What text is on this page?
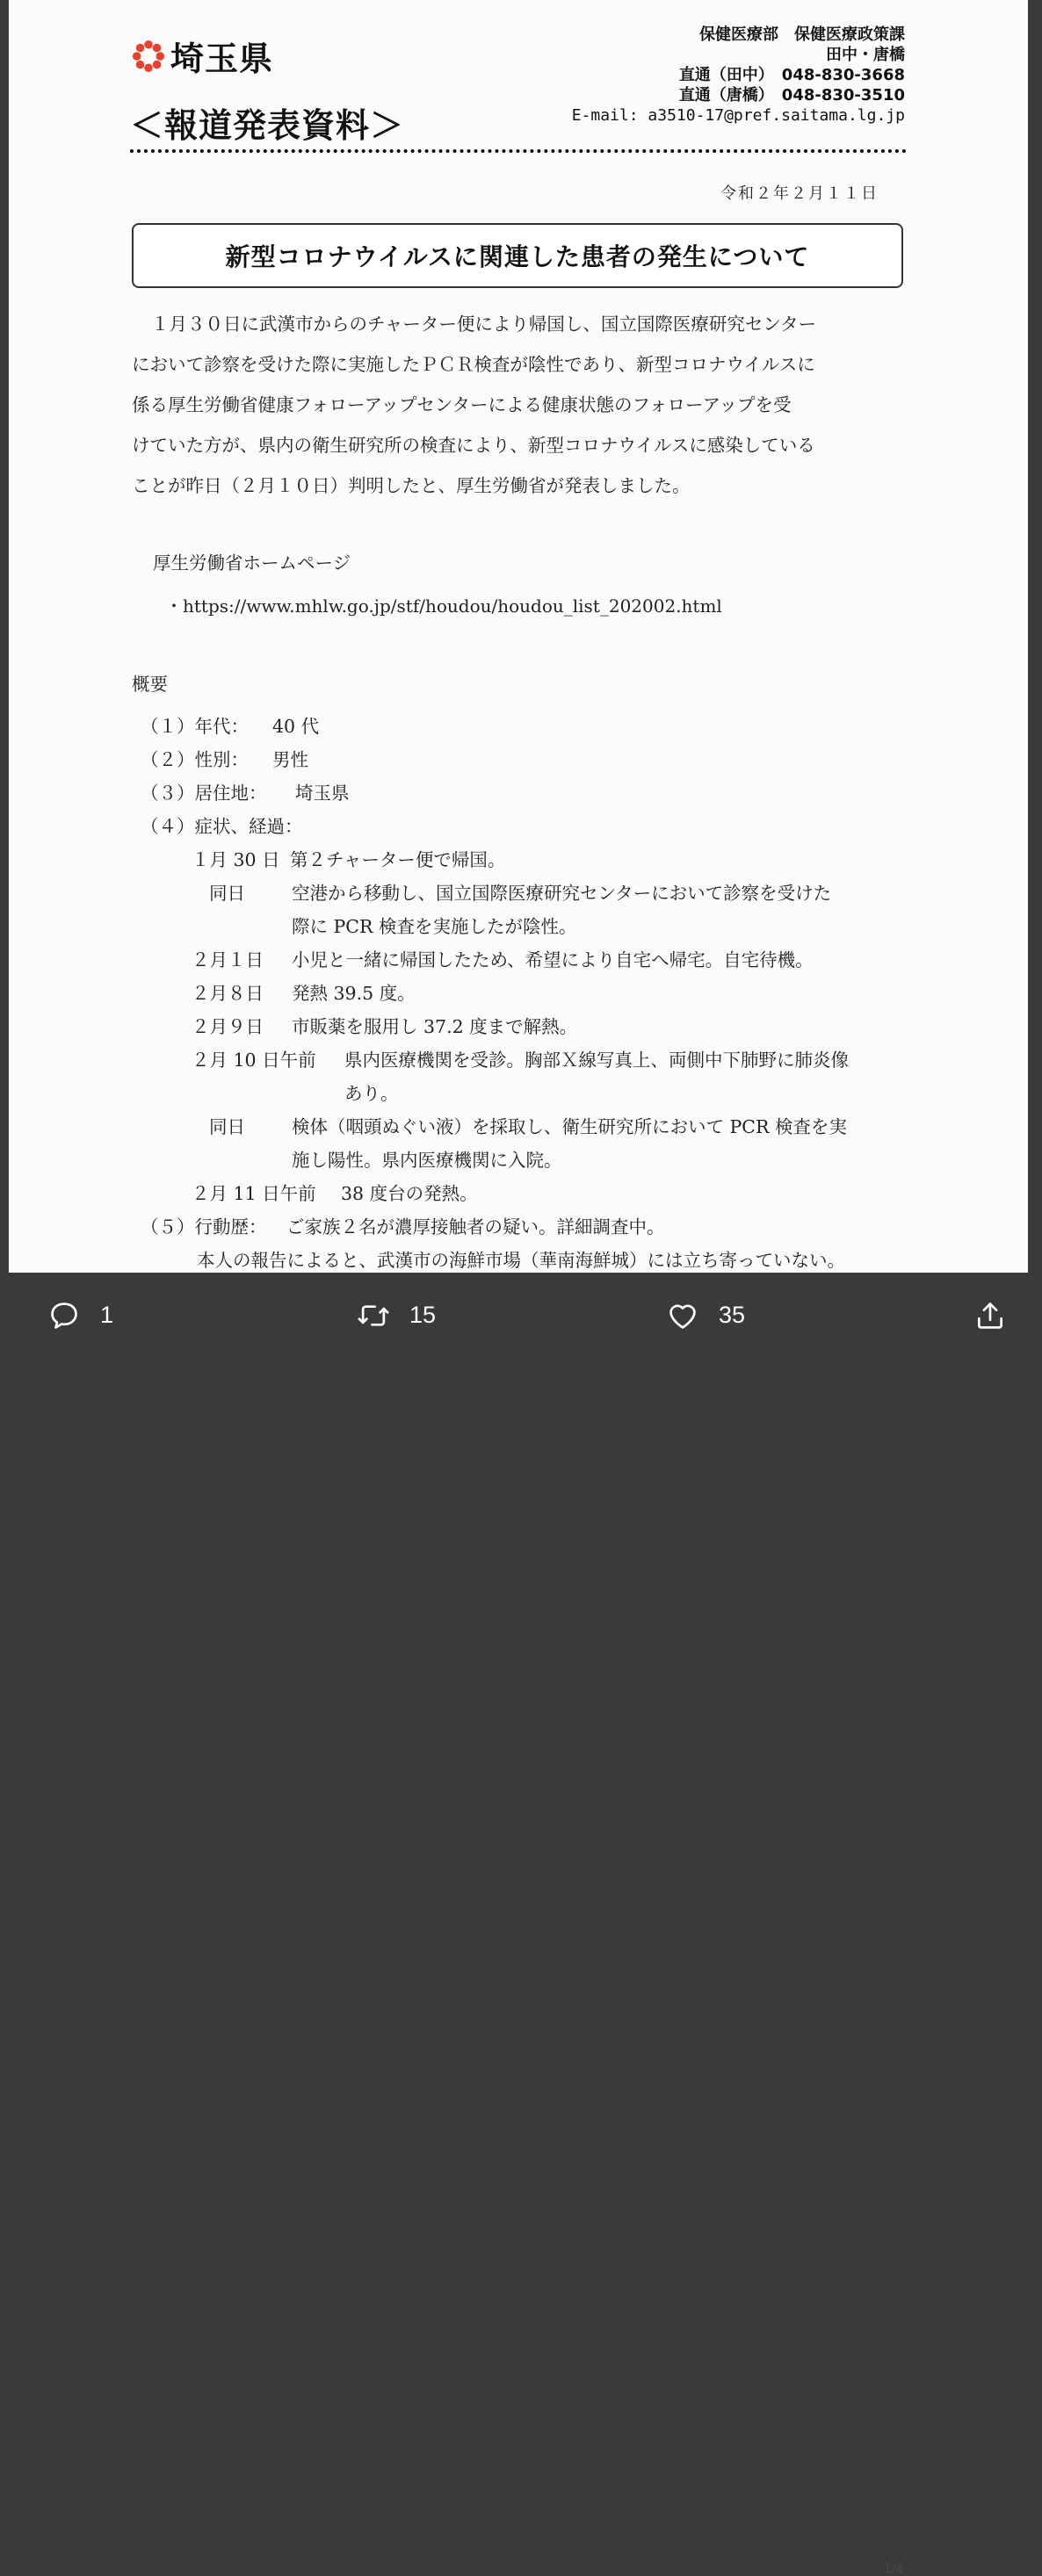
埼玉県
＜報道発表資料＞
保健医療部　保健医療政策課
田中・唐橋
直通（田中）　048-830-3668
直通（唐橋）　048-830-3510
E-mail: a3510-17@pref.saitama.lg.jp
令和２年２月１１日
新型コロナウイルスに関連した患者の発生について
１月３０日に武漢市からのチャーター便により帰国し、国立国際医療研究センター
において診察を受けた際に実施したＰＣＲ検査が陰性であり、新型コロナウイルスに
係る厚生労働省健康フォローアップセンターによる健康状態のフォローアップを受
けていた方が、県内の衛生研究所の検査により、新型コロナウイルスに感染している
ことが昨日（２月１０日）判明したと、厚生労働省が発表しました。
厚生労働省ホームページ
・https://www.mhlw.go.jp/stf/houdou/houdou_list_202002.html
概要
（１）年代： 40 代
（２）性別： 男性
（３）居住地： 埼玉県
（４）症状、経過：
１月 30 日 第２チャーター便で帰国。
同日	空港から移動し、国立国際医療研究センターにおいて診察を受けた
際に PCR 検査を実施したが陰性。
２月１日 小児と一緒に帰国したため、希望により自宅へ帰宅。自宅待機。
２月８日 発熱 39.5 度。
２月９日 市販薬を服用し 37.2 度まで解熱。
２月 10 日午前 県内医療機関を受診。胸部Ｘ線写真上、両側中下肺野に肺炎像
あり。
同日	検体（咽頭ぬぐい液）を採取し、衛生研究所において PCR 検査を実
施し陽性。県内医療機関に入院。
２月 11 日午前 38 度台の発熱。
（５）行動歴： ご家族２名が濃厚接触者の疑い。詳細調査中。
本人の報告によると、武漢市の海鮮市場（華南海鮮城）には立ち寄っていない。
1/4
1	15	35
